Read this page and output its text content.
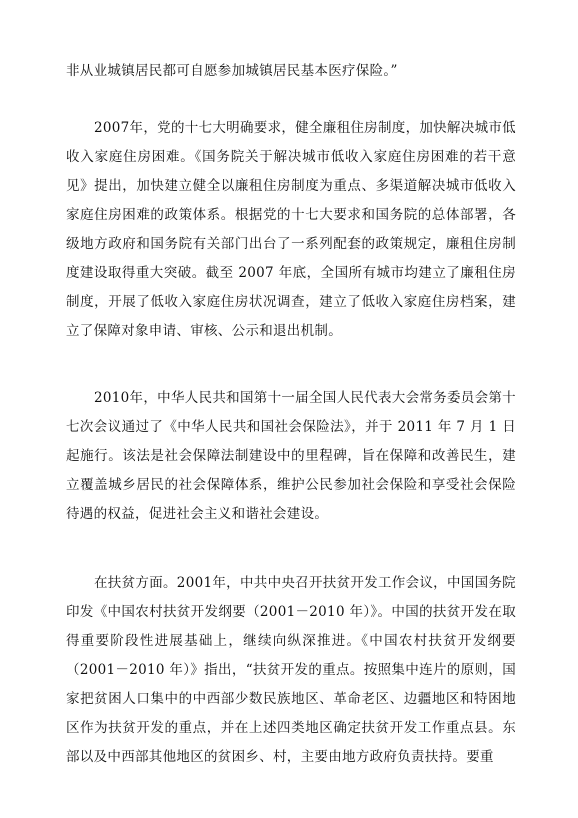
非从业城镇居民都可自愿参加城镇居民基本医疗保险。”

2007年，党的十七大明确要求，健全廉租住房制度，加快解决城市低收入家庭住房困难。《国务院关于解决城市低收入家庭住房困难的若干意见》提出，加快建立健全以廉租住房制度为重点、多渠道解决城市低收入家庭住房困难的政策体系。根据党的十七大要求和国务院的总体部署，各级地方政府和国务院有关部门出台了一系列配套的政策规定，廉租住房制度建设取得重大突破。截至 2007 年底，全国所有城市均建立了廉租住房制度，开展了低收入家庭住房状况调查，建立了低收入家庭住房档案，建立了保障对象申请、审核、公示和退出机制。

2010年，中华人民共和国第十一届全国人民代表大会常务委员会第十七次会议通过了《中华人民共和国社会保险法》，并于 2011 年 7 月 1 日起施行。该法是社会保障法制建设中的里程碑，旨在保障和改善民生，建立覆盖城乡居民的社会保障体系，维护公民参加社会保险和享受社会保险待遇的权益，促进社会主义和谐社会建设。

在扶贫方面。2001年，中共中央召开扶贫开发工作会议，中国国务院印发《中国农村扶贫开发纲要（2001－2010 年）》。中国的扶贫开发在取得重要阶段性进展基础上，继续向纵深推进。《中国农村扶贫开发纲要（2001－2010 年）》指出，“扶贫开发的重点。按照集中连片的原则，国家把贫困人口集中的中西部少数民族地区、革命老区、边疆地区和特困地区作为扶贫开发的重点，并在上述四类地区确定扶贫开发工作重点县。东部以及中西部其他地区的贫困乡、村，主要由地方政府负责扶持。要重
